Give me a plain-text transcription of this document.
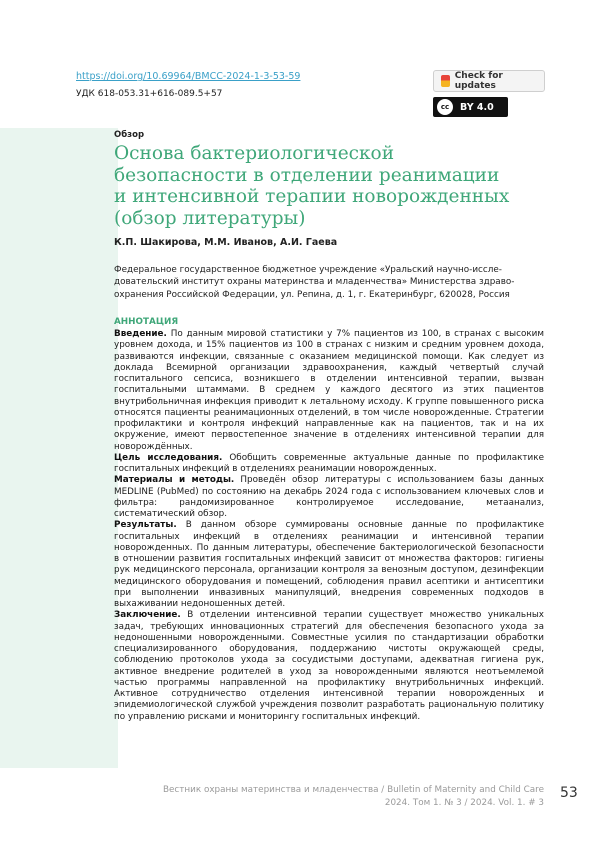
https://doi.org/10.69964/BMCC-2024-1-3-53-59
УДК 618-053.31+616-089.5+57
Check for updates
cc	BY 4.0
Обзор
Основа бактериологической
безопасности в отделении реанимации
и интенсивной терапии новорожденных
(обзор литературы)
К.П. Шакирова, М.М. Иванов, А.И. Гаева

Федеральное государственное бюджетное учреждение «Уральский научно-иссле-
довательский институт охраны материнства и младенчества» Министерства здраво-
охранения Российской Федерации, ул. Репина, д. 1, г. Екатеринбург, 620028, Россия

АННОТАЦИЯ

Введение. По данным мировой статистики у 7% пациентов из 100, в странах с высоким уровнем дохода, и 15% пациентов из 100 в странах с низким и средним уровнем дохода, развиваются инфекции, связанные с оказанием медицинской помощи. Как следует из доклада Всемирной организации здравоохранения, каждый четвертый случай госпитального сепсиса, возникшего в отделении интенсивной терапии, вызван госпитальными штаммами. В среднем у каждого десятого из этих пациентов внутрибольничная инфекция приводит к летальному исходу. К группе повышенного риска относятся пациенты реанимационных отделений, в том числе новорожденные. Стратегии профилактики и контроля инфекций направленные как на пациентов, так и на их окружение, имеют первостепенное значение в отделениях интенсивной терапии для новорождённых.

Цель исследования. Обобщить современные актуальные данные по профилактике госпитальных инфекций в отделениях реанимации новорожденных.

Материалы и методы. Проведён обзор литературы с использованием базы данных MEDLINE (PubMed) по состоянию на декабрь 2024 года с использованием ключевых слов и фильтра: рандомизированное контролируемое исследование, метаанализ, систематический обзор.

Результаты. В данном обзоре суммированы основные данные по профилактике госпитальных инфекций в отделениях реанимации и интенсивной терапии новорожденных. По данным литературы, обеспечение бактериологической безопасности в отношении развития госпитальных инфекций зависит от множества факторов: гигиены рук медицинского персонала, организации контроля за венозным доступом, дезинфекции медицинского оборудования и помещений, соблюдения правил асептики и антисептики при выполнении инвазивных манипуляций, внедрения современных подходов в выхаживании недоношенных детей.

Заключение. В отделении интенсивной терапии существует множество уникальных задач, требующих инновационных стратегий для обеспечения безопасного ухода за недоношенными новорожденными. Совместные усилия по стандартизации обработки специализированного оборудования, поддержанию чистоты окружающей среды, соблюдению протоколов ухода за сосудистыми доступами, адекватная гигиена рук, активное внедрение родителей в уход за новорожденными являются неотъемлемой частью программы направленной на профилактику внутрибольничных инфекций. Активное сотрудничество отделения интенсивной терапии новорожденных и эпидемиологической службой учреждения позволит разработать рациональную политику по управлению рисками и мониторингу госпитальных инфекций.

Вестник охраны материнства и младенчества / Bulletin of Maternity and Child Care
2024. Том 1. № 3 / 2024. Vol. 1. # 3
53
